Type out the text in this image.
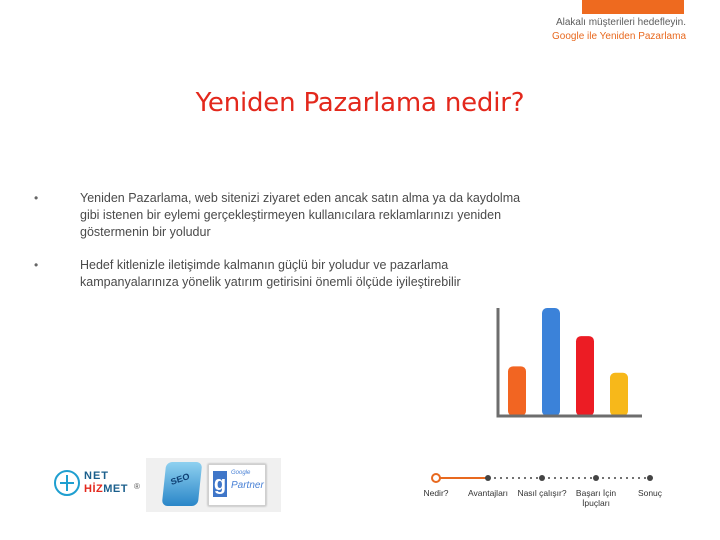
Alakalı müşterileri hedefleyin.
Google ile Yeniden Pazarlama
Yeniden Pazarlama nedir?
•	Yeniden Pazarlama, web sitenizi ziyaret eden ancak satın alma ya da kaydolma gibi istenen bir eylemi gerçekleştirmeyen kullanıcılara reklamlarınızı yeniden göstermenin bir yoludur
•	Hedef kitlenizle iletişimde kalmanın güçlü bir yoludur ve pazarlama kampanyalarınıza yönelik yatırım getirisini önemli ölçüde iyileştirebilir
NET
HİZMET ®	SEO g Google
Partner
Nedir?	Avantajları	Nasıl çalışır?	Başarı İçin İpuçları
Sonuç
